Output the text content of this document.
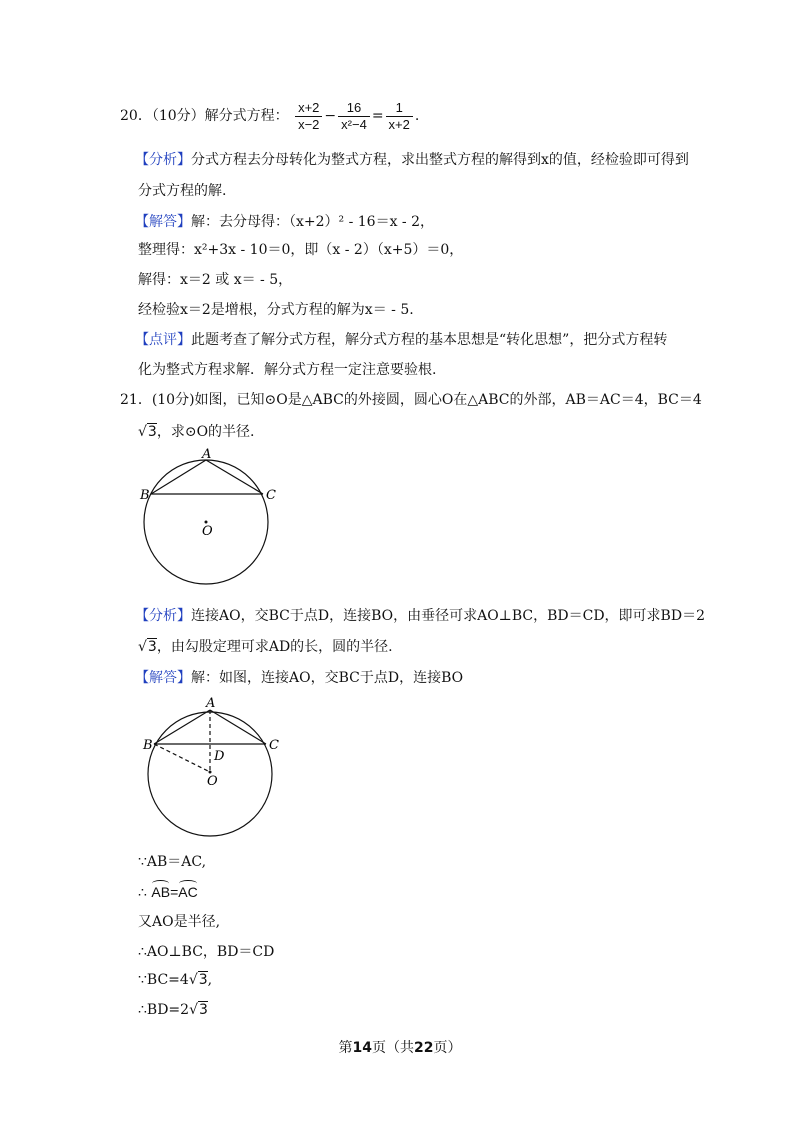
20．（10分）解分式方程： $\frac{x+2}{x-2} - \frac{16}{\text{x²−4}} = \frac{1}{x+2}$ .
【分析】分式方程去分母转化为整式方程，求出整式方程的解得到x的值，经检验即可得到
分式方程的解.
【解答】解：去分母得：（x+2）² - 16＝x - 2，
整理得：x²+3x - 10＝0，即（x - 2）（x+5）＝0，
解得：x＝2 或 x＝ - 5，
经检验x＝2是增根，分式方程的解为x＝ - 5.
【点评】此题考查了解分式方程，解分式方程的基本思想是“转化思想”，把分式方程转
化为整式方程求解．解分式方程一定注意要验根.
21．(10分)如图，已知⊙O是△ABC的外接圆，圆心O在△ABC的外部，AB＝AC＝4，BC＝4
√3，求⊙O的半径.
A
B	C
O
【分析】连接AO，交BC于点D，连接BO，由垂径可求AO⊥BC，BD＝CD，即可求BD＝2
√3，由勾股定理可求AD的长，圆的半径.
【解答】解：如图，连接AO，交BC于点D，连接BO
A
B	C
D
O
∵AB＝AC,
∴ AB=AC
又AO是半径,
∴AO⊥BC，BD＝CD
∵BC=4√3,
∴BD=2√3
第14页（共22页）
